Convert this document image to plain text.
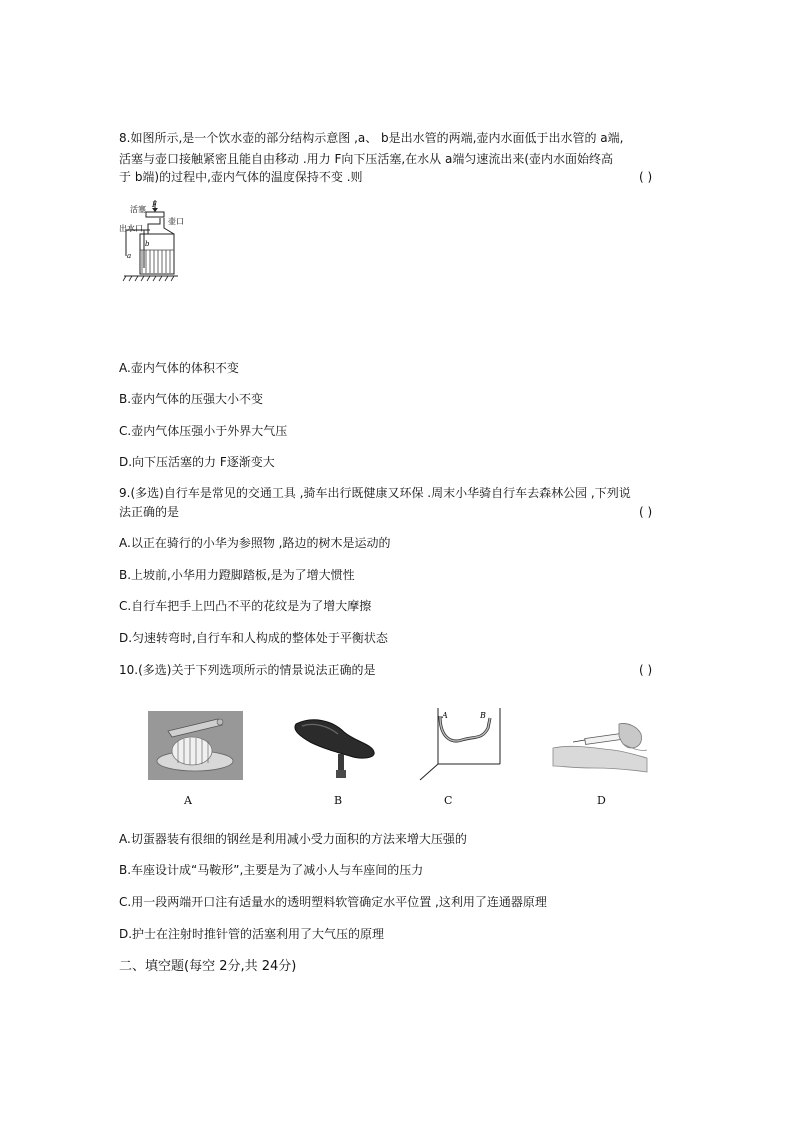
8.如图所示,是一个饮水壶的部分结构示意图 ,a、 b是出水管的两端,壶内水面低于出水管的 a端,
活塞与壶口接触紧密且能自由移动 .用力 F向下压活塞,在水从 a端匀速流出来(壶内水面始终高
于 b端)的过程中,壶内气体的温度保持不变 .则	( )
活塞 F
壶口
出水口
a
b
A.壶内气体的体积不变
B.壶内气体的压强大小不变
C.壶内气体压强小于外界大气压
D.向下压活塞的力 F逐渐变大
9.(多选)自行车是常见的交通工具 ,骑车出行既健康又环保 .周末小华骑自行车去森林公园 ,下列说
法正确的是	( )
A.以正在骑行的小华为参照物 ,路边的树木是运动的
B.上坡前,小华用力蹬脚踏板,是为了增大惯性
C.自行车把手上凹凸不平的花纹是为了增大摩擦
D.匀速转弯时,自行车和人构成的整体处于平衡状态
10.(多选)关于下列选项所示的情景说法正确的是	( )
A	B
A	B
C	D
A.切蛋器装有很细的钢丝是利用减小受力面积的方法来增大压强的
B.车座设计成“马鞍形”,主要是为了减小人与车座间的压力
C.用一段两端开口注有适量水的透明塑料软管确定水平位置 ,这利用了连通器原理
D.护士在注射时推针管的活塞利用了大气压的原理
二、填空题(每空 2分,共 24分)
